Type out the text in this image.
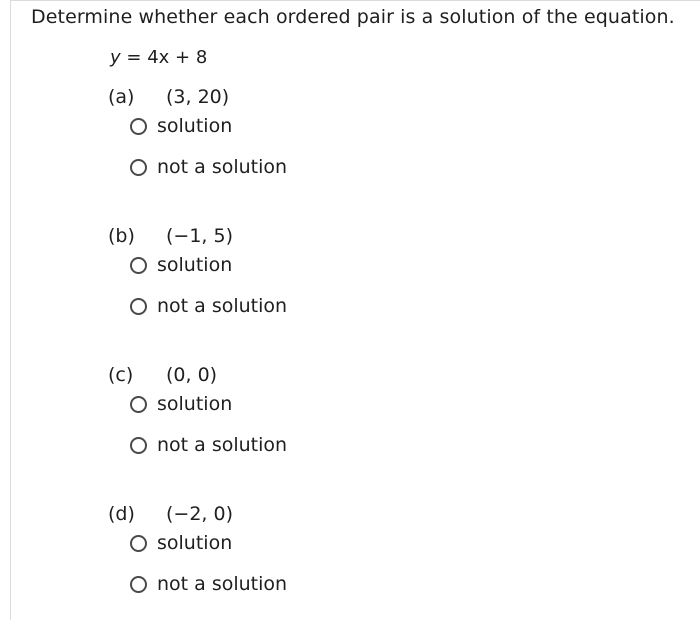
Determine whether each ordered pair is a solution of the equation.
y = 4x + 8
(a) (3, 20)
solution
not a solution
(b) (−1, 5)
solution
not a solution
(c) (0, 0)
solution
not a solution
(d) (−2, 0)
solution
not a solution
